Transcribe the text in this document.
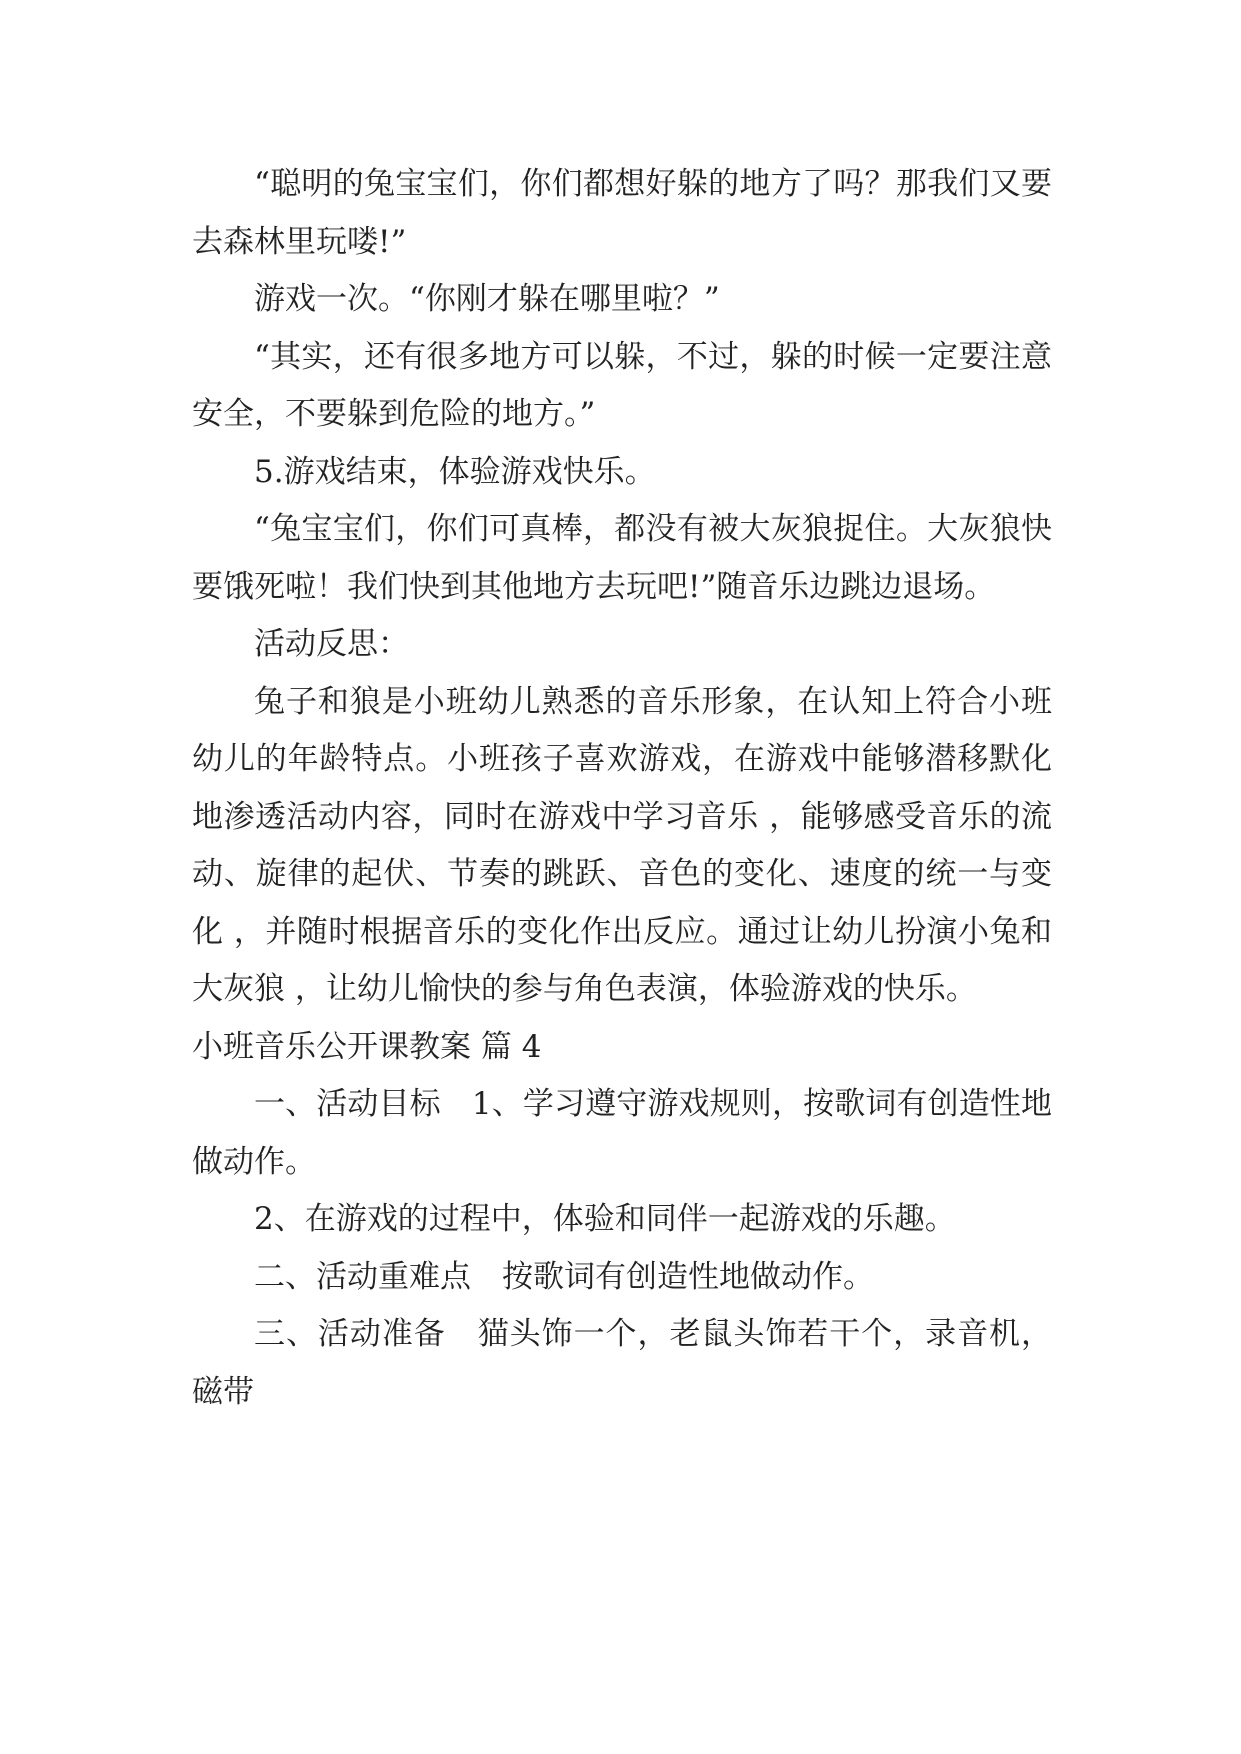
“聪明的兔宝宝们，你们都想好躲的地方了吗？那我们又要去森林里玩喽!”

游戏一次。“你刚才躲在哪里啦？”

“其实，还有很多地方可以躲，不过，躲的时候一定要注意安全，不要躲到危险的地方。”

5.游戏结束，体验游戏快乐。

“兔宝宝们，你们可真棒，都没有被大灰狼捉住。大灰狼快要饿死啦！我们快到其他地方去玩吧!”随音乐边跳边退场。

活动反思：

兔子和狼是小班幼儿熟悉的音乐形象，在认知上符合小班幼儿的年龄特点。小班孩子喜欢游戏，在游戏中能够潜移默化地渗透活动内容，同时在游戏中学习音乐 ，能够感受音乐的流动、旋律的起伏、节奏的跳跃、音色的变化、速度的统一与变化 ，并随时根据音乐的变化作出反应。通过让幼儿扮演小兔和大灰狼 ，让幼儿愉快的参与角色表演，体验游戏的快乐。

小班音乐公开课教案 篇 4

一、活动目标　1、学习遵守游戏规则，按歌词有创造性地做动作。

2、在游戏的过程中，体验和同伴一起游戏的乐趣。

二、活动重难点　按歌词有创造性地做动作。

三、活动准备　猫头饰一个，老鼠头饰若干个，录音机，磁带
